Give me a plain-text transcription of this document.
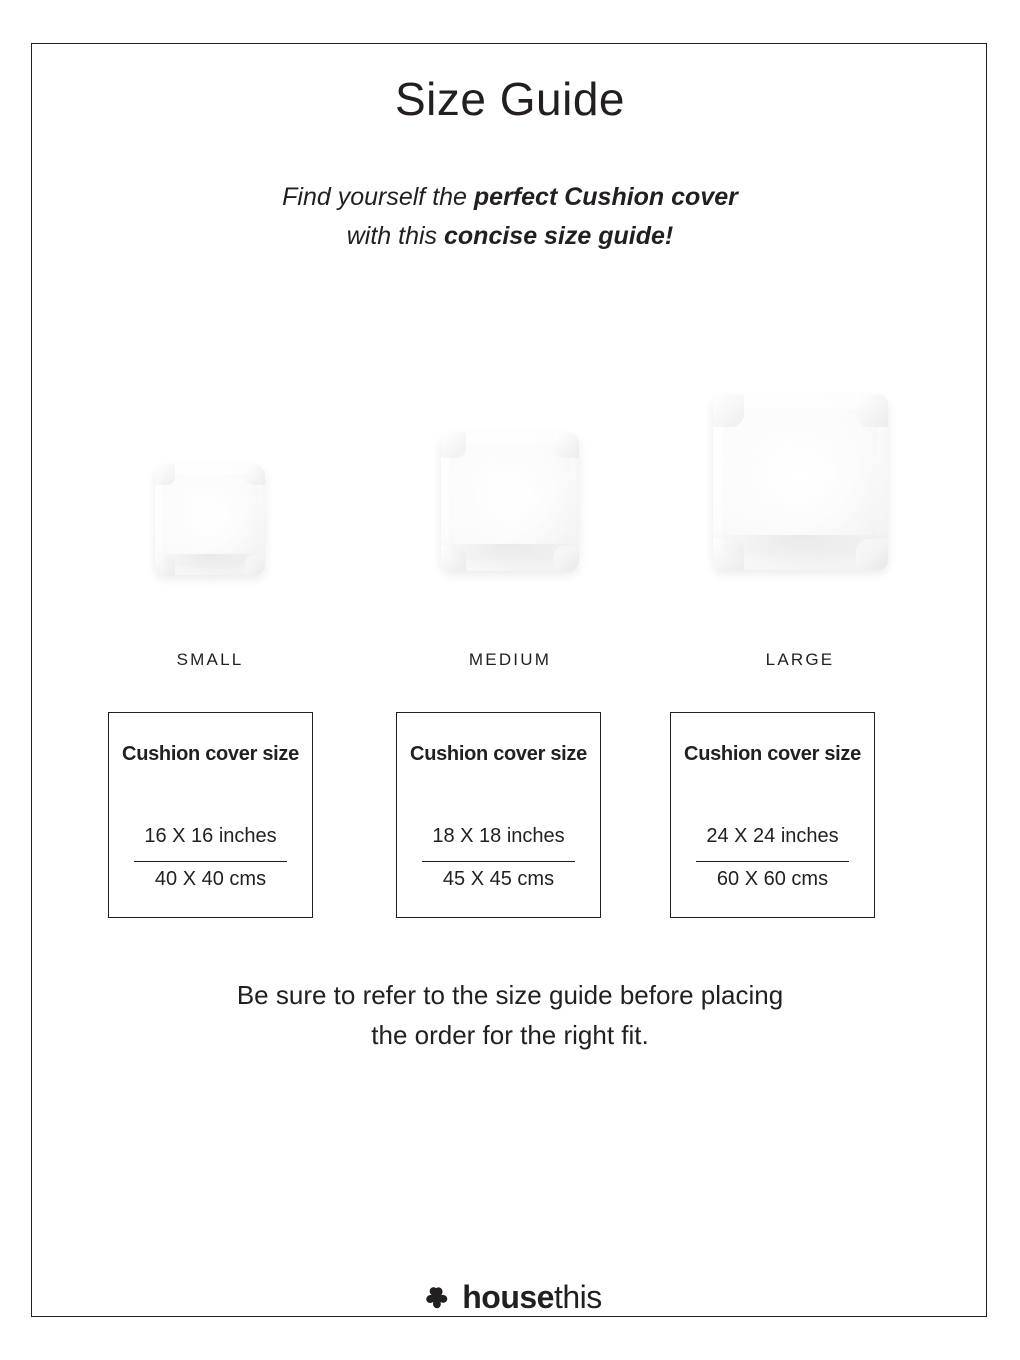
Size Guide
Find yourself the perfect Cushion cover
with this concise size guide!
SMALL	MEDIUM	LARGE
Cushion cover size
16 X 16 inches
40 X 40 cms
Cushion cover size
18 X 18 inches
45 X 45 cms
Cushion cover size
24 X 24 inches
60 X 60 cms
Be sure to refer to the size guide before placing
the order for the right fit.
housethis
